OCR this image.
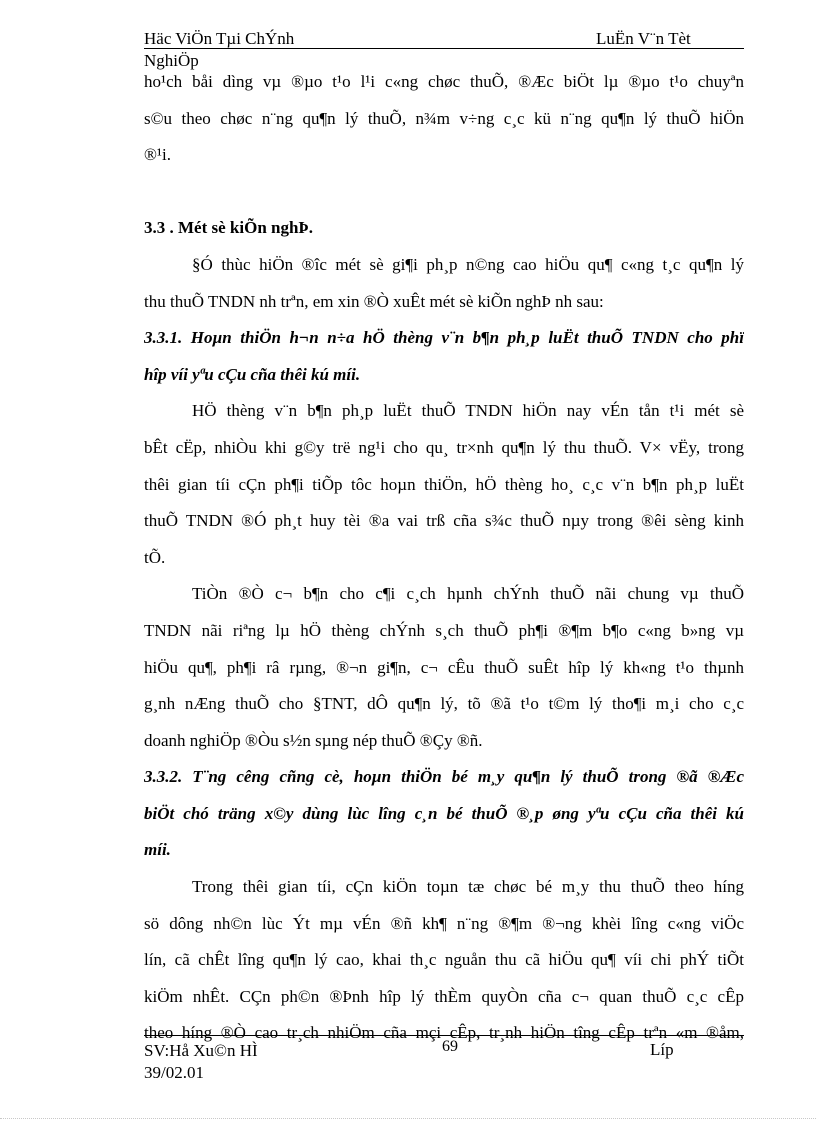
Häc ViÖn Tµi ChÝnh
NghiÖp
LuËn V¨n Tèt
ho¹ch båi dìng vµ ®µo t¹o l¹i c«ng chøc thuÕ, ®Æc biÖt lµ ®µo t¹o chuyªn
s©u theo chøc n¨ng qu¶n lý thuÕ, n¾m v÷ng c¸c kü n¨ng qu¶n lý thuÕ hiÖn
®¹i.
3.3 . Mét sè kiÕn nghÞ.
§Ó thùc hiÖn ®îc mét sè gi¶i ph¸p n©ng cao hiÖu qu¶ c«ng t¸c qu¶n lý
thu thuÕ TNDN nh trªn, em xin ®Ò xuÊt mét sè kiÕn nghÞ nh sau:
3.3.1. Hoµn thiÖn h¬n n÷a hÖ thèng v¨n b¶n ph¸p luËt thuÕ TNDN cho phï
hîp víi yªu cÇu cña thêi kú míi.
HÖ thèng v¨n b¶n ph¸p luËt thuÕ TNDN hiÖn nay vÉn tån t¹i mét sè
bÊt cËp, nhiÒu khi g©y trë ng¹i cho qu¸ tr×nh qu¶n lý thu thuÕ. V× vËy, trong
thêi gian tíi cÇn ph¶i tiÕp tôc hoµn thiÖn, hÖ thèng ho¸ c¸c v¨n b¶n ph¸p luËt
thuÕ TNDN ®Ó ph¸t huy tèi ®a vai trß cña s¾c thuÕ nµy trong ®êi sèng kinh
tÕ.
TiÒn ®Ò c¬ b¶n cho c¶i c¸ch hµnh chÝnh thuÕ nãi chung vµ thuÕ
TNDN nãi riªng lµ hÖ thèng chÝnh s¸ch thuÕ ph¶i ®¶m b¶o c«ng b»ng vµ
hiÖu qu¶, ph¶i râ rµng, ®¬n gi¶n, c¬ cÊu thuÕ suÊt hîp lý kh«ng t¹o thµnh
g¸nh nÆng thuÕ cho §TNT, dÔ qu¶n lý, tõ ®ã t¹o t©m lý tho¶i m¸i cho c¸c
doanh nghiÖp ®Òu s½n sµng nép thuÕ ®Çy ®ñ.
3.3.2. T¨ng cêng cñng cè, hoµn thiÖn bé m¸y qu¶n lý thuÕ trong ®ã ®Æc
biÖt chó träng x©y dùng lùc lîng c¸n bé thuÕ ®¸p øng yªu cÇu cña thêi kú
míi.
Trong thêi gian tíi, cÇn kiÖn toµn tæ chøc bé m¸y thu thuÕ theo híng
sö dông nh©n lùc Ýt mµ vÉn ®ñ kh¶ n¨ng ®¶m ®¬ng khèi lîng c«ng viÖc
lín, cã chÊt lîng qu¶n lý cao, khai th¸c nguån thu cã hiÖu qu¶ víi chi phÝ tiÕt
kiÖm nhÊt. CÇn ph©n ®Þnh hîp lý thÈm quyÒn cña c¬ quan thuÕ c¸c cÊp
theo híng ®Ò cao tr¸ch nhiÖm cña mçi cÊp, tr¸nh hiÖn tîng cÊp trªn «m ®åm,
SV:Hå Xu©n HÌ
39/02.01
69	Líp
